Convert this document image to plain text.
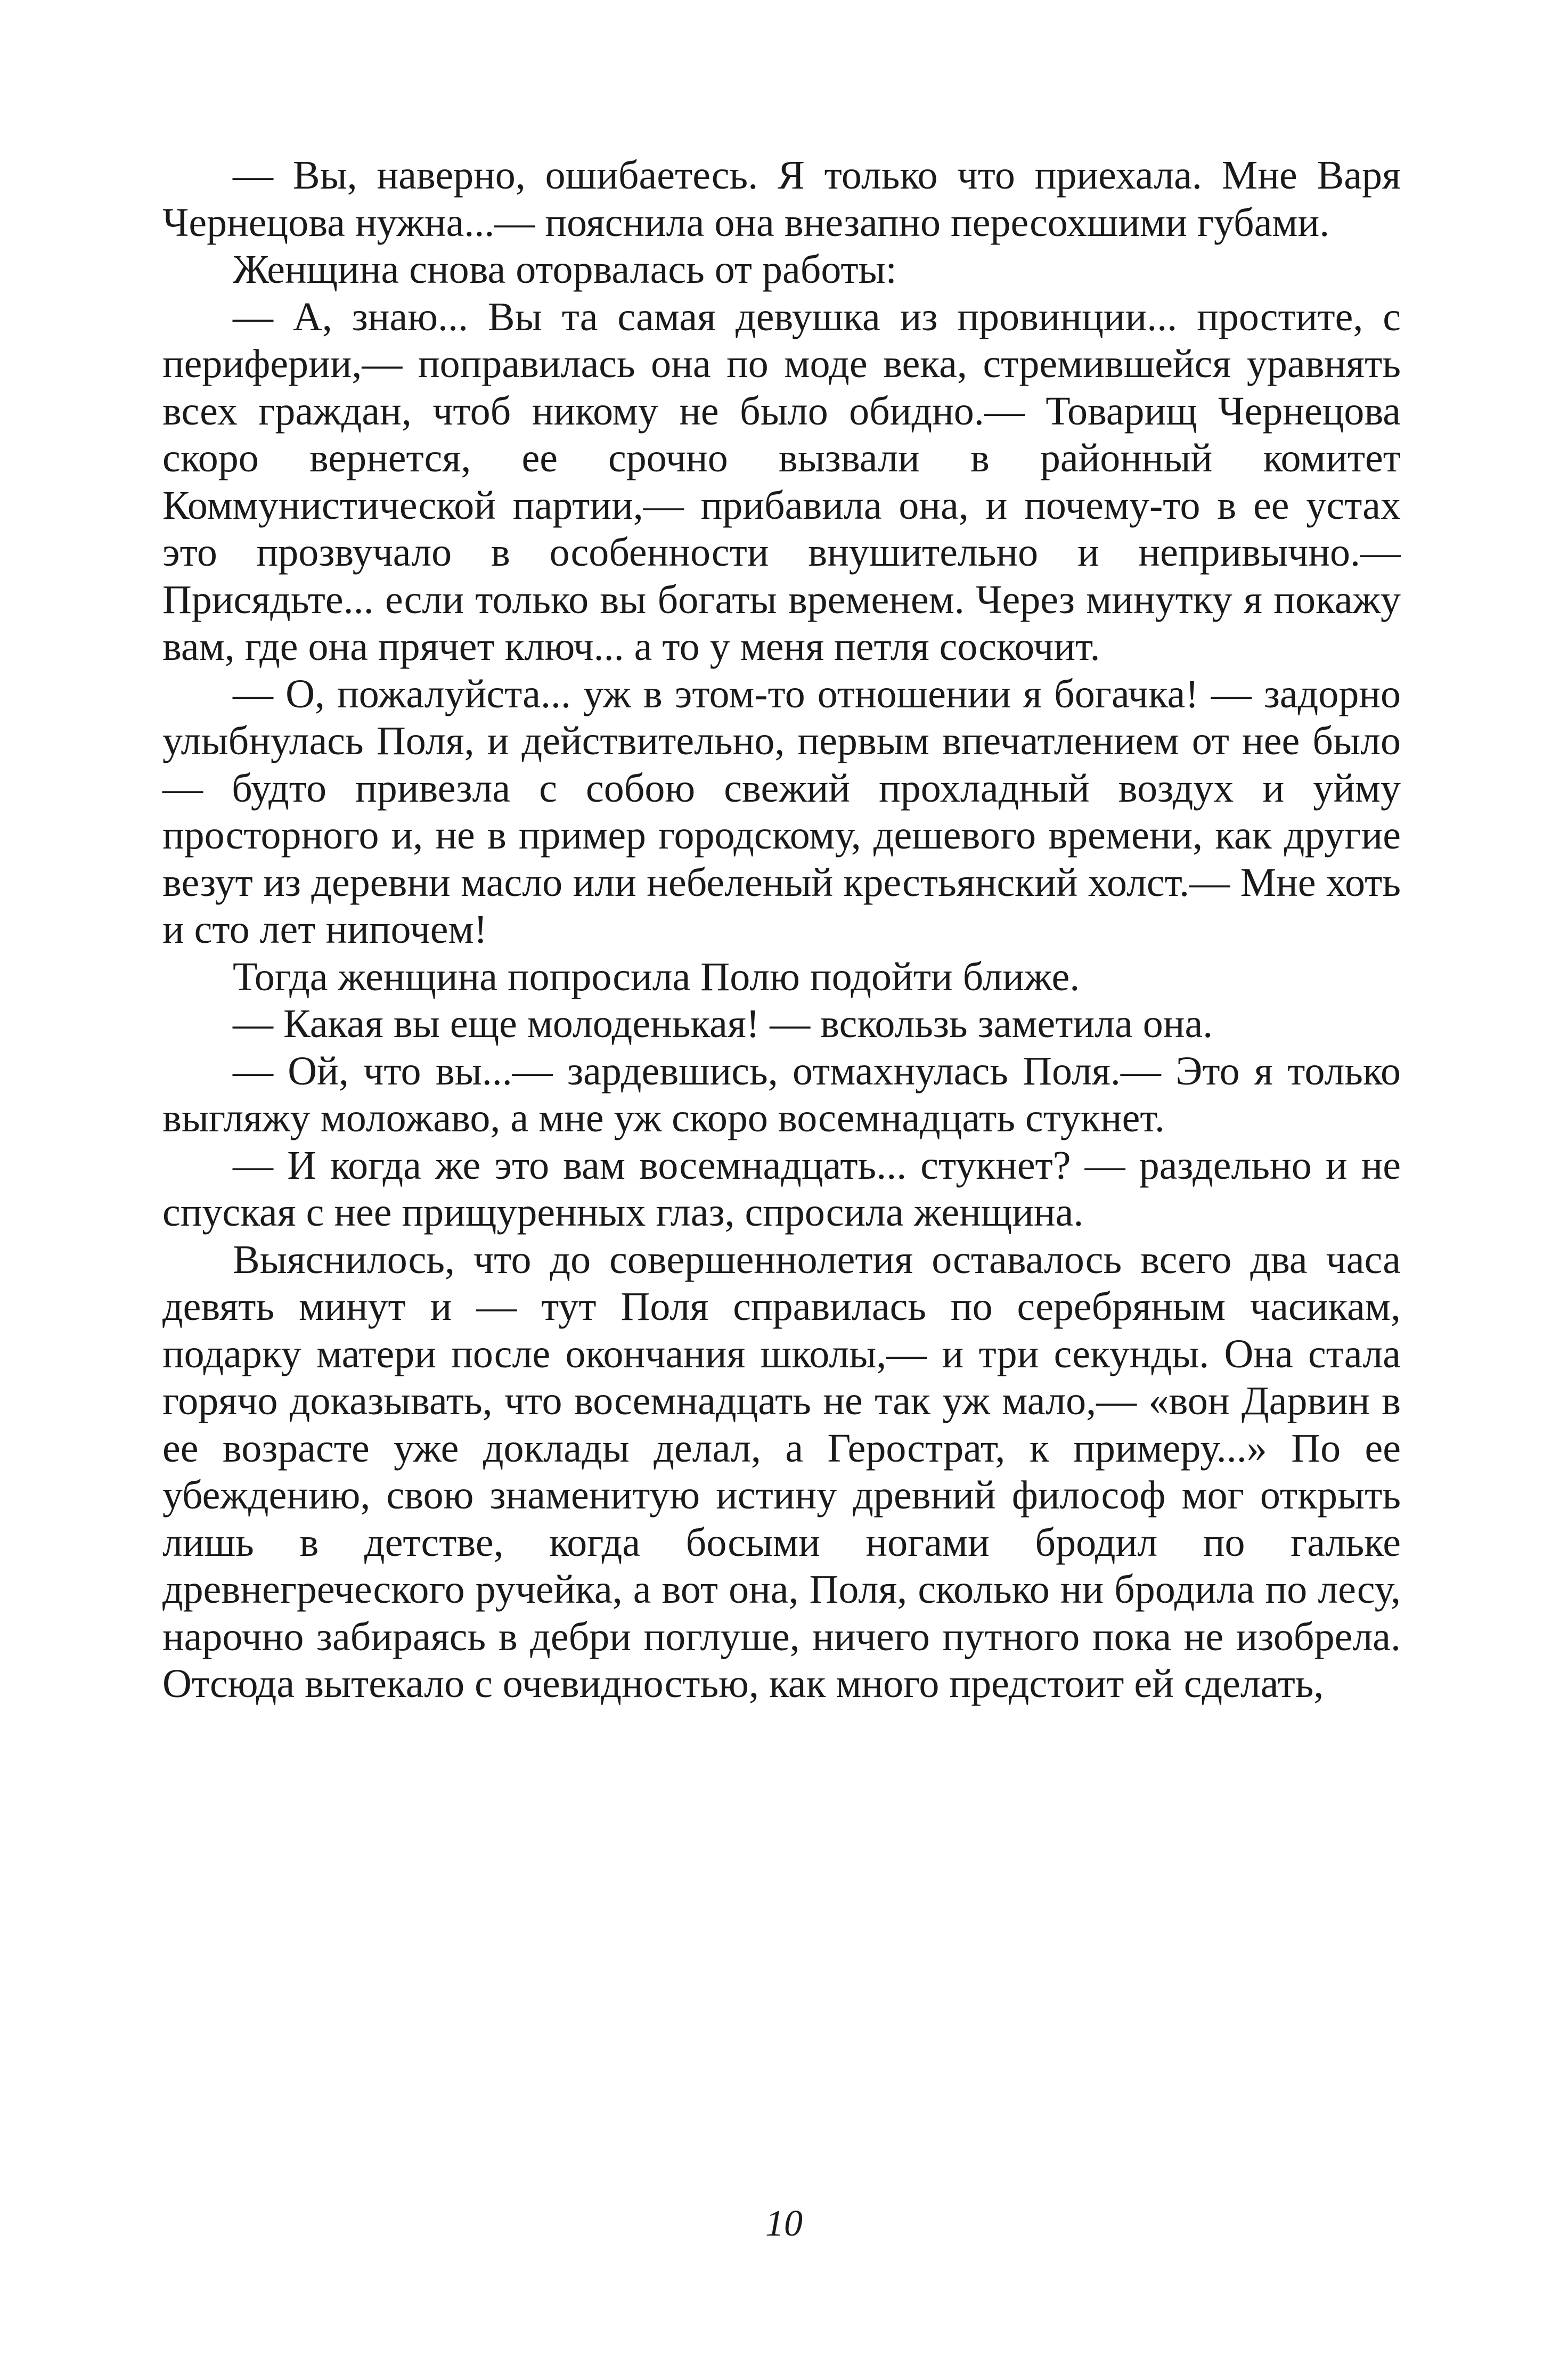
— Вы, наверно, ошибаетесь. Я только что приехала. Мне Варя Чернецова нужна...— пояснила она внезапно пересохшими губами.

Женщина снова оторвалась от работы:

— А, знаю... Вы та самая девушка из провинции... простите, с периферии,— поправилась она по моде века, стремившейся уравнять всех граждан, чтоб никому не было обидно.— Товарищ Чернецова скоро вернется, ее срочно вызвали в районный комитет Коммунистической партии,— прибавила она, и почему-то в ее устах это прозвучало в особенности внушительно и непривычно.— Присядьте... если только вы богаты временем. Через минутку я покажу вам, где она прячет ключ... а то у меня петля соскочит.

— О, пожалуйста... уж в этом-то отношении я богачка! — задорно улыбнулась Поля, и действительно, первым впечатлением от нее было — будто привезла с собою свежий прохладный воздух и уйму просторного и, не в пример городскому, дешевого времени, как другие везут из деревни масло или небеленый крестьянский холст.— Мне хоть и сто лет нипочем!

Тогда женщина попросила Полю подойти ближе.

— Какая вы еще молоденькая! — вскользь заметила она.

— Ой, что вы...— зардевшись, отмахнулась Поля.— Это я только выгляжу моложаво, а мне уж скоро восемнадцать стукнет.

— И когда же это вам восемнадцать... стукнет? — раздельно и не спуская с нее прищуренных глаз, спросила женщина.

Выяснилось, что до совершеннолетия оставалось всего два часа девять минут и — тут Поля справилась по серебряным часикам, подарку матери после окончания школы,— и три секунды. Она стала горячо доказывать, что восемнадцать не так уж мало,— «вон Дарвин в ее возрасте уже доклады делал, а Герострат, к примеру...» По ее убеждению, свою знаменитую истину древний философ мог открыть лишь в детстве, когда босыми ногами бродил по гальке древнегреческого ручейка, а вот она, Поля, сколько ни бродила по лесу, нарочно забираясь в дебри поглуше, ничего путного пока не изобрела. Отсюда вытекало с очевидностью, как много предстоит ей сделать,

10
